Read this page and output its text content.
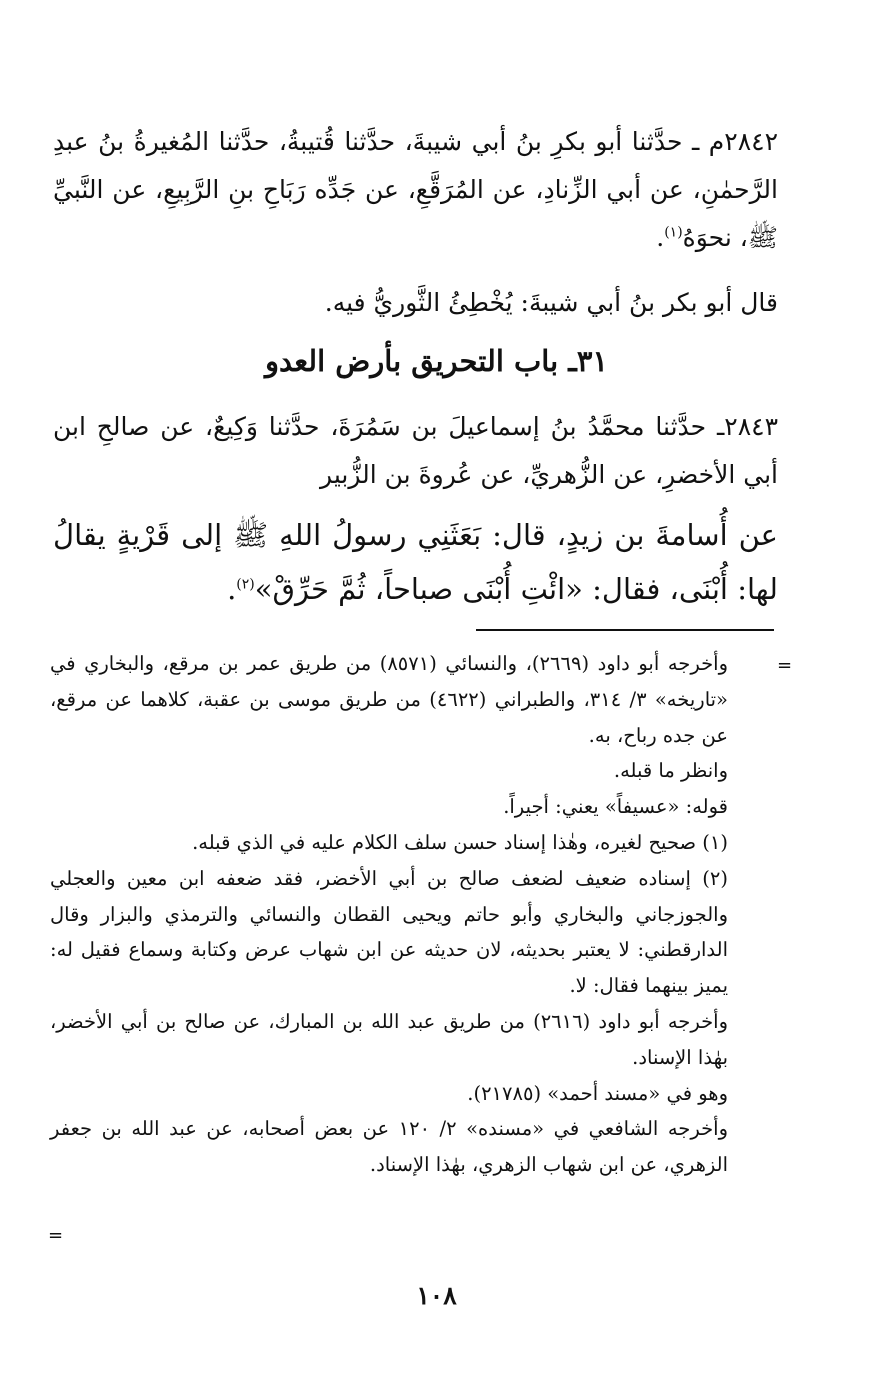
٢٨٤٢م ـ حدَّثنا أبو بكرِ بنُ أبي شيبةَ، حدَّثنا قُتيبةُ، حدَّثنا المُغيرةُ بنُ عبدِ الرَّحمٰنِ، عن أبي الزِّنادِ، عن المُرَقَّعِ، عن جَدِّه رَبَاحِ بنِ الرَّبِيعِ، عن النَّبيِّ ﷺ، نحوَهُ$^{(١)}$.
قال أبو بكر بنُ أبي شيبةَ: يُخْطِئُ الثَّوريُّ فيه.
٣١ـ باب التحريق بأرض العدو
٢٨٤٣ـ حدَّثنا محمَّدُ بنُ إسماعيلَ بن سَمُرَةَ، حدَّثنا وَكِيعٌ، عن صالحِ ابن أبي الأخضرِ، عن الزُّهريِّ، عن عُروةَ بن الزُّبير
عن أُسامةَ بن زيدٍ، قال: بَعَثَنِي رسولُ اللهِ ﷺ إلى قَرْيةٍ يقالُ لها: أُبْنَى، فقال: «ائْتِ أُبْنَى صباحاً، ثُمَّ حَرِّقْ»$^{(٢)}$.
=

وأخرجه أبو داود (٢٦٦٩)، والنسائي (٨٥٧١) من طريق عمر بن مرقع، والبخاري في «تاريخه» ٣/ ٣١٤، والطبراني (٤٦٢٢) من طريق موسى بن عقبة، كلاهما عن مرقع، عن جده رباح، به.

وانظر ما قبله.

قوله: «عسيفاً» يعني: أجيراً.

(١) صحيح لغيره، وهٰذا إسناد حسن سلف الكلام عليه في الذي قبله.

(٢) إسناده ضعيف لضعف صالح بن أبي الأخضر، فقد ضعفه ابن معين والعجلي والجوزجاني والبخاري وأبو حاتم ويحيى القطان والنسائي والترمذي والبزار وقال الدارقطني: لا يعتبر بحديثه، لان حديثه عن ابن شهاب عرض وكتابة وسماع فقيل له: يميز بينهما فقال: لا.

وأخرجه أبو داود (٢٦١٦) من طريق عبد الله بن المبارك، عن صالح بن أبي الأخضر، بهٰذا الإسناد.

وهو في «مسند أحمد» (٢١٧٨٥).

وأخرجه الشافعي في «مسنده» ٢/ ١٢٠ عن بعض أصحابه، عن عبد الله بن جعفر الزهري، عن ابن شهاب الزهري، بهٰذا الإسناد.

=
١٠٨
